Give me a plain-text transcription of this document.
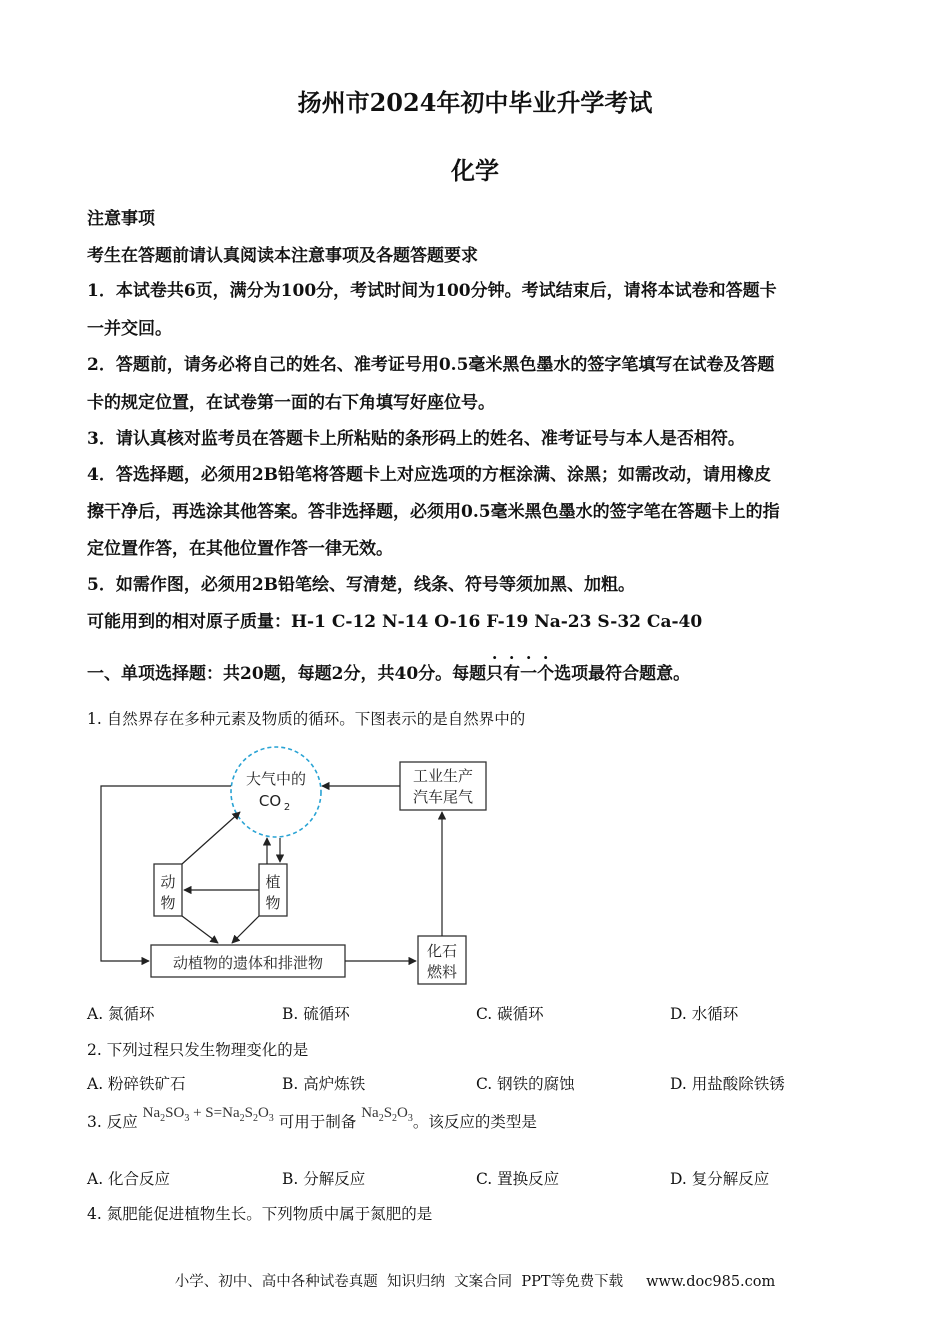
扬州市2024年初中毕业升学考试
化学
注意事项
考生在答题前请认真阅读本注意事项及各题答题要求
1．本试卷共6页，满分为100分，考试时间为100分钟。考试结束后，请将本试卷和答题卡
一并交回。
2．答题前，请务必将自己的姓名、准考证号用0.5毫米黑色墨水的签字笔填写在试卷及答题
卡的规定位置，在试卷第一面的右下角填写好座位号。
3．请认真核对监考员在答题卡上所粘贴的条形码上的姓名、准考证号与本人是否相符。
4．答选择题，必须用2B铅笔将答题卡上对应选项的方框涂满、涂黑；如需改动，请用橡皮
擦干净后，再选涂其他答案。答非选择题，必须用0.5毫米黑色墨水的签字笔在答题卡上的指
定位置作答，在其他位置作答一律无效。
5．如需作图，必须用2B铅笔绘、写清楚，线条、符号等须加黑、加粗。
可能用到的相对原子质量：H-1 C-12 N-14 O-16 F-19 Na-23 S-32 Ca-40
一、单项选择题：共20题，每题2分，共40分。每题只有一个选项最符合题意。
1. 自然界存在多种元素及物质的循环。下图表示的是自然界中的
大气中的
CO 2
工业生产
汽车尾气
动
物
植
物
动植物的遗体和排泄物
化石
燃料
A. 氮循环	B. 硫循环	C. 碳循环	D. 水循环
2. 下列过程只发生物理变化的是
A. 粉碎铁矿石	B. 高炉炼铁	C. 钢铁的腐蚀	D. 用盐酸除铁锈
3. 反应 $Na_2SO_3 + S=Na_2S_2O_3$ 可用于制备 $Na_2S_2O_3$。该反应的类型是
A. 化合反应	B. 分解反应	C. 置换反应	D. 复分解反应
4. 氮肥能促进植物生长。下列物质中属于氮肥的是
小学、初中、高中各种试卷真题  知识归纳  文案合同  PPT等免费下载     www.doc985.com
